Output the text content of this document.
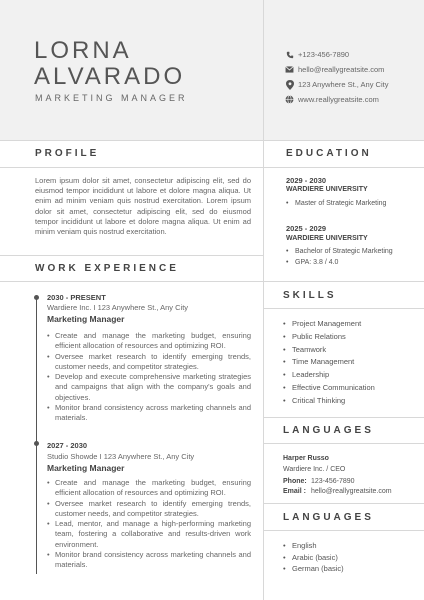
LORNA
ALVARADO
MARKETING MANAGER
+123-456-7890
hello@reallygreatsite.com
123 Anywhere St., Any City
www.reallygreatsite.com
PROFILE
Lorem ipsum dolor sit amet, consectetur adipiscing elit, sed do eiusmod tempor incididunt ut labore et dolore magna aliqua. Ut enim ad minim veniam quis nostrud exercitation. Lorem ipsum dolor sit amet, consectetur adipiscing elit, sed do eiusmod tempor incididunt ut labore et dolore magna aliqua. Ut enim ad minim veniam quis nostrud exercitation.
WORK EXPERIENCE
2030 - PRESENT
Wardiere Inc. I 123 Anywhere St., Any City
Marketing Manager
• Create and manage the marketing budget, ensuring efficient allocation of resources and optimizing ROI.
• Oversee market research to identify emerging trends, customer needs, and competitor strategies.
• Develop and execute comprehensive marketing strategies and campaigns that align with the company's goals and objectives.
• Monitor brand consistency across marketing channels and materials.
2027 - 2030
Studio Showde I 123 Anywhere St., Any City
Marketing Manager
• Create and manage the marketing budget, ensuring efficient allocation of resources and optimizing ROI.
• Oversee market research to identify emerging trends, customer needs, and competitor strategies.
• Lead, mentor, and manage a high-performing marketing team, fostering a collaborative and results-driven work environment.
• Monitor brand consistency across marketing channels and materials.
EDUCATION
2029 - 2030
WARDIERE UNIVERSITY
• Master of Strategic Marketing
2025 - 2029
WARDIERE UNIVERSITY
• Bachelor of Strategic Marketing
• GPA: 3.8 / 4.0
SKILLS
• Project Management
• Public Relations
• Teamwork
• Time Management
• Leadership
• Effective Communication
• Critical Thinking
LANGUAGES
Harper Russo
Wardiere Inc. / CEO
Phone: 123-456-7890
Email : hello@reallygreatsite.com
LANGUAGES
• English
• Arabic (basic)
• German (basic)
